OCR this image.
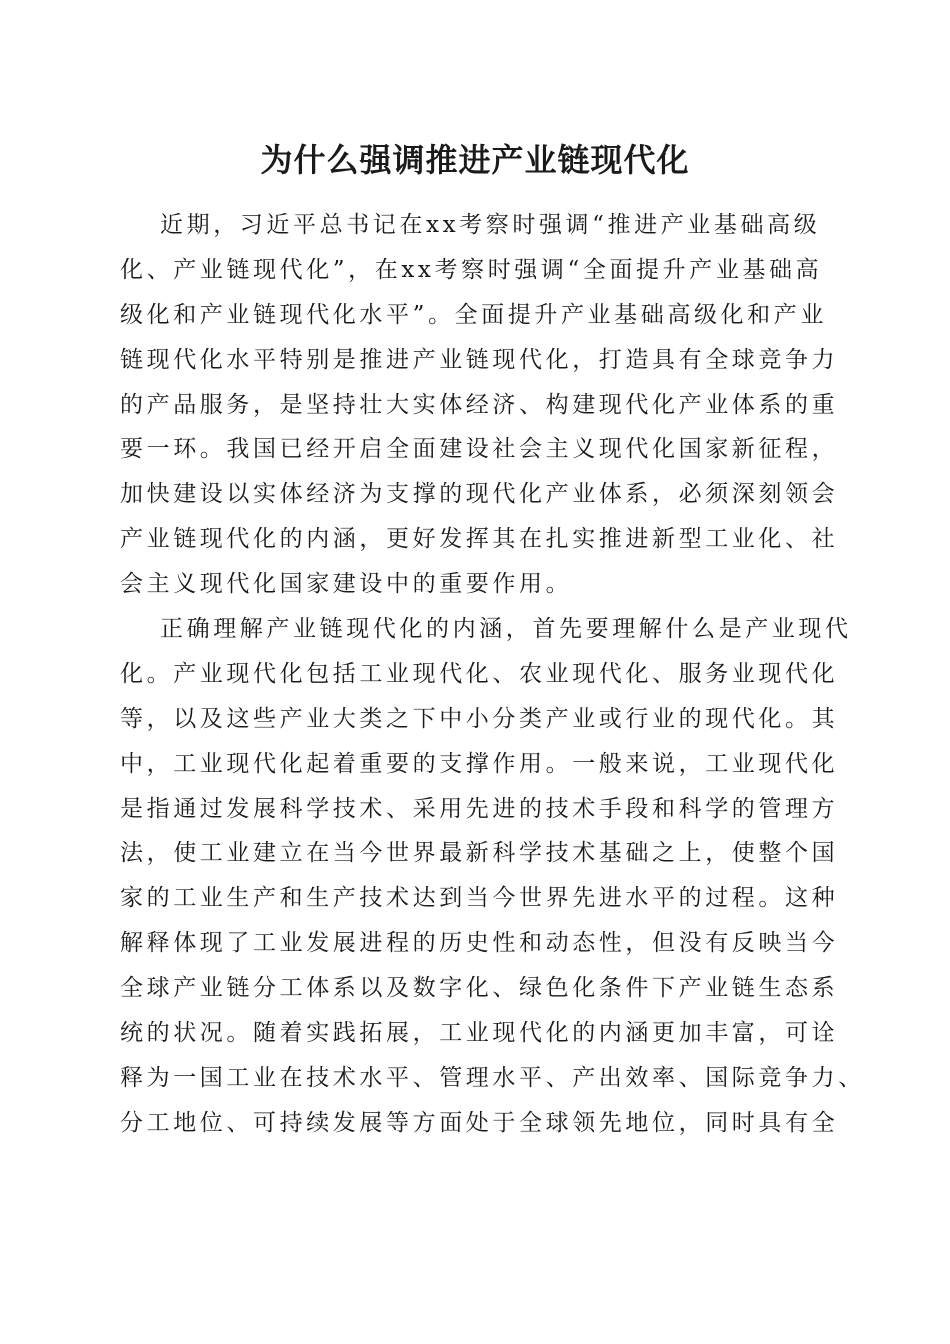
为什么强调推进产业链现代化
近期，习近平总书记在xx考察时强调“推进产业基础高级
化、产业链现代化”，在xx考察时强调“全面提升产业基础高
级化和产业链现代化水平”。全面提升产业基础高级化和产业
链现代化水平特别是推进产业链现代化，打造具有全球竞争力
的产品服务，是坚持壮大实体经济、构建现代化产业体系的重
要一环。我国已经开启全面建设社会主义现代化国家新征程，
加快建设以实体经济为支撑的现代化产业体系，必须深刻领会
产业链现代化的内涵，更好发挥其在扎实推进新型工业化、社
会主义现代化国家建设中的重要作用。
正确理解产业链现代化的内涵，首先要理解什么是产业现代
化。产业现代化包括工业现代化、农业现代化、服务业现代化
等，以及这些产业大类之下中小分类产业或行业的现代化。其
中，工业现代化起着重要的支撑作用。一般来说，工业现代化
是指通过发展科学技术、采用先进的技术手段和科学的管理方
法，使工业建立在当今世界最新科学技术基础之上，使整个国
家的工业生产和生产技术达到当今世界先进水平的过程。这种
解释体现了工业发展进程的历史性和动态性，但没有反映当今
全球产业链分工体系以及数字化、绿色化条件下产业链生态系
统的状况。随着实践拓展，工业现代化的内涵更加丰富，可诠
释为一国工业在技术水平、管理水平、产出效率、国际竞争力、
分工地位、可持续发展等方面处于全球领先地位，同时具有全
